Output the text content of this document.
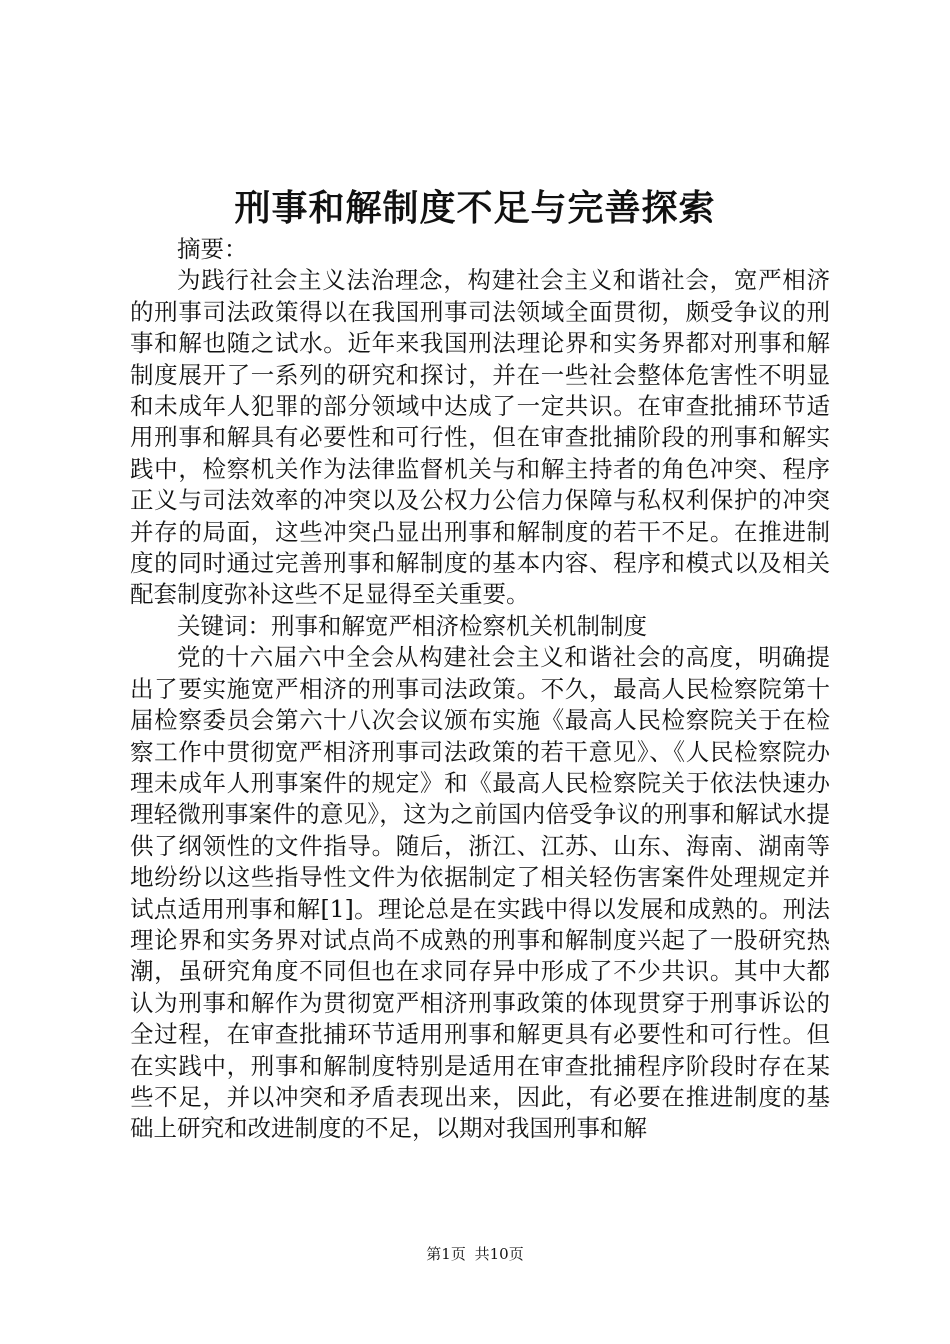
刑事和解制度不足与完善探索

摘要：

为践行社会主义法治理念，构建社会主义和谐社会，宽严相济的刑事司法政策得以在我国刑事司法领域全面贯彻，颇受争议的刑事和解也随之试水。近年来我国刑法理论界和实务界都对刑事和解制度展开了一系列的研究和探讨，并在一些社会整体危害性不明显和未成年人犯罪的部分领域中达成了一定共识。在审查批捕环节适用刑事和解具有必要性和可行性，但在审查批捕阶段的刑事和解实践中，检察机关作为法律监督机关与和解主持者的角色冲突、程序正义与司法效率的冲突以及公权力公信力保障与私权利保护的冲突并存的局面，这些冲突凸显出刑事和解制度的若干不足。在推进制度的同时通过完善刑事和解制度的基本内容、程序和模式以及相关配套制度弥补这些不足显得至关重要。

关键词：刑事和解宽严相济检察机关机制制度

党的十六届六中全会从构建社会主义和谐社会的高度，明确提出了要实施宽严相济的刑事司法政策。不久，最高人民检察院第十届检察委员会第六十八次会议颁布实施《最高人民检察院关于在检察工作中贯彻宽严相济刑事司法政策的若干意见》、《人民检察院办理未成年人刑事案件的规定》和《最高人民检察院关于依法快速办理轻微刑事案件的意见》，这为之前国内倍受争议的刑事和解试水提供了纲领性的文件指导。随后，浙江、江苏、山东、海南、湖南等地纷纷以这些指导性文件为依据制定了相关轻伤害案件处理规定并试点适用刑事和解[1]。理论总是在实践中得以发展和成熟的。刑法理论界和实务界对试点尚不成熟的刑事和解制度兴起了一股研究热潮，虽研究角度不同但也在求同存异中形成了不少共识。其中大都认为刑事和解作为贯彻宽严相济刑事政策的体现贯穿于刑事诉讼的全过程，在审查批捕环节适用刑事和解更具有必要性和可行性。但在实践中，刑事和解制度特别是适用在审查批捕程序阶段时存在某些不足，并以冲突和矛盾表现出来，因此，有必要在推进制度的基础上研究和改进制度的不足，以期对我国刑事和解

第1页 共10页
